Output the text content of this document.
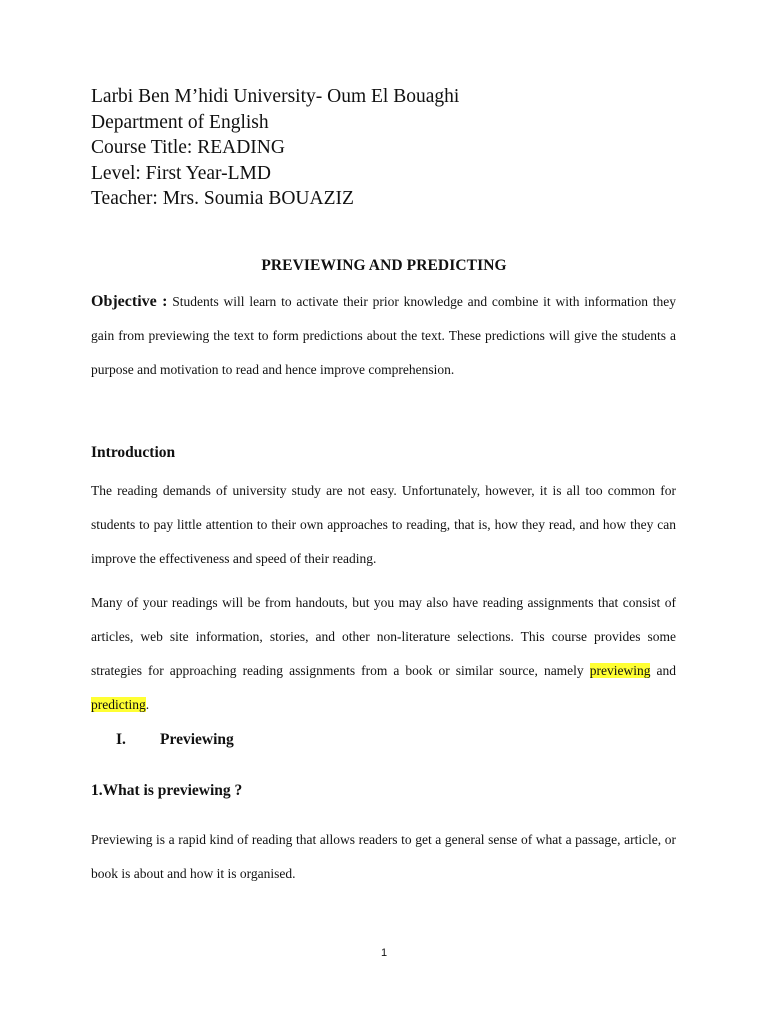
Larbi Ben M’hidi University- Oum El Bouaghi
Department of English
Course Title: READING
Level: First Year-LMD
Teacher: Mrs. Soumia BOUAZIZ
PREVIEWING AND PREDICTING
Objective : Students will learn to activate their prior knowledge and combine it with information they gain from previewing the text to form predictions about the text. These predictions will give the students a purpose and motivation to read and hence improve comprehension.
Introduction
The reading demands of university study are not easy. Unfortunately, however, it is all too common for students to pay little attention to their own approaches to reading, that is, how they read, and how they can improve the effectiveness and speed of their reading.
Many of your readings will be from handouts, but you may also have reading assignments that consist of articles, web site information, stories, and other non-literature selections. This course provides some strategies for approaching reading assignments from a book or similar source, namely previewing and predicting.
I. Previewing
1.What is previewing ?
Previewing is a rapid kind of reading that allows readers to get a general sense of what a passage, article, or book is about and how it is organised.
1
